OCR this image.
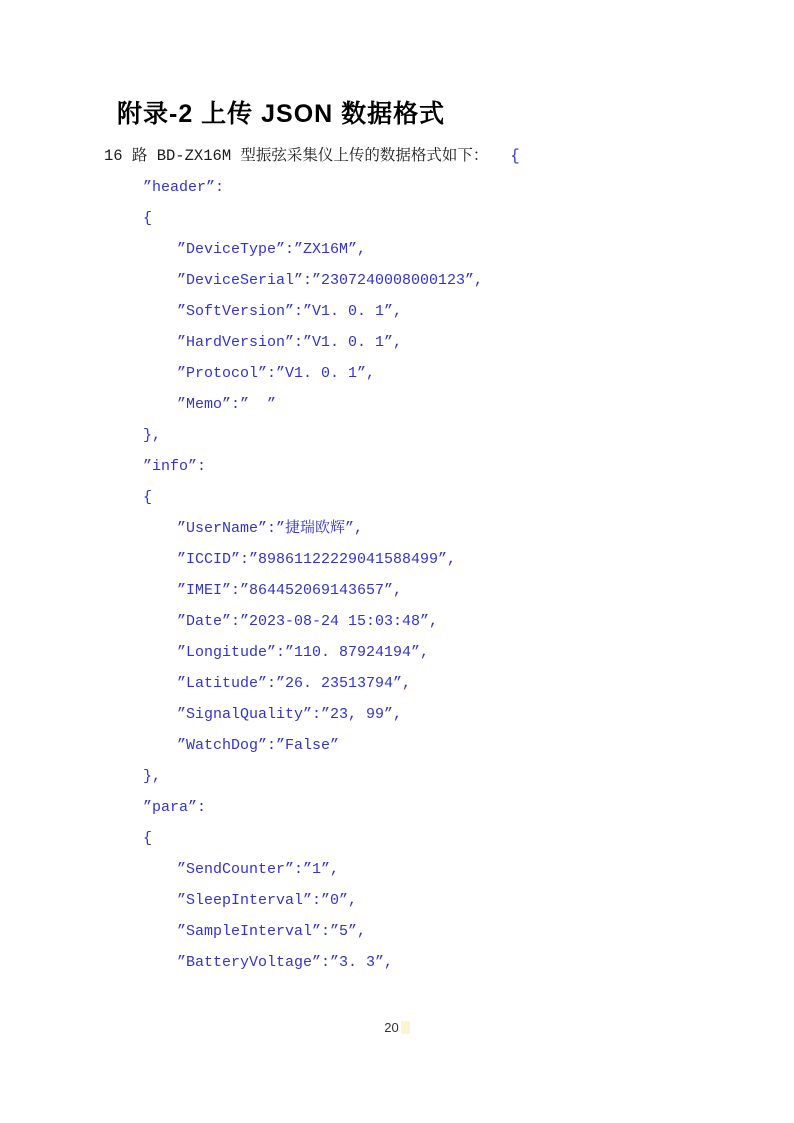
附录-2 上传 JSON 数据格式

16 路 BD-ZX16M 型振弦采集仪上传的数据格式如下： {

”header”:
{
”DeviceType”:”ZX16M”,
”DeviceSerial”:”2307240008000123”,
”SoftVersion”:”V1. 0. 1”,
”HardVersion”:”V1. 0. 1”,
”Protocol”:”V1. 0. 1”,
”Memo”:”  ”
},
”info”:
{
”UserName”:”捷瑞欧辉”,
”ICCID”:”89861122229041588499”,
”IMEI”:”864452069143657”,
”Date”:”2023-08-24 15:03:48”,
”Longitude”:”110. 87924194”,
”Latitude”:”26. 23513794”,
”SignalQuality”:”23, 99”,
”WatchDog”:”False”
},
”para”:
{
”SendCounter”:”1”,
”SleepInterval”:”0”,
”SampleInterval”:”5”,
”BatteryVoltage”:”3. 3”,
20
